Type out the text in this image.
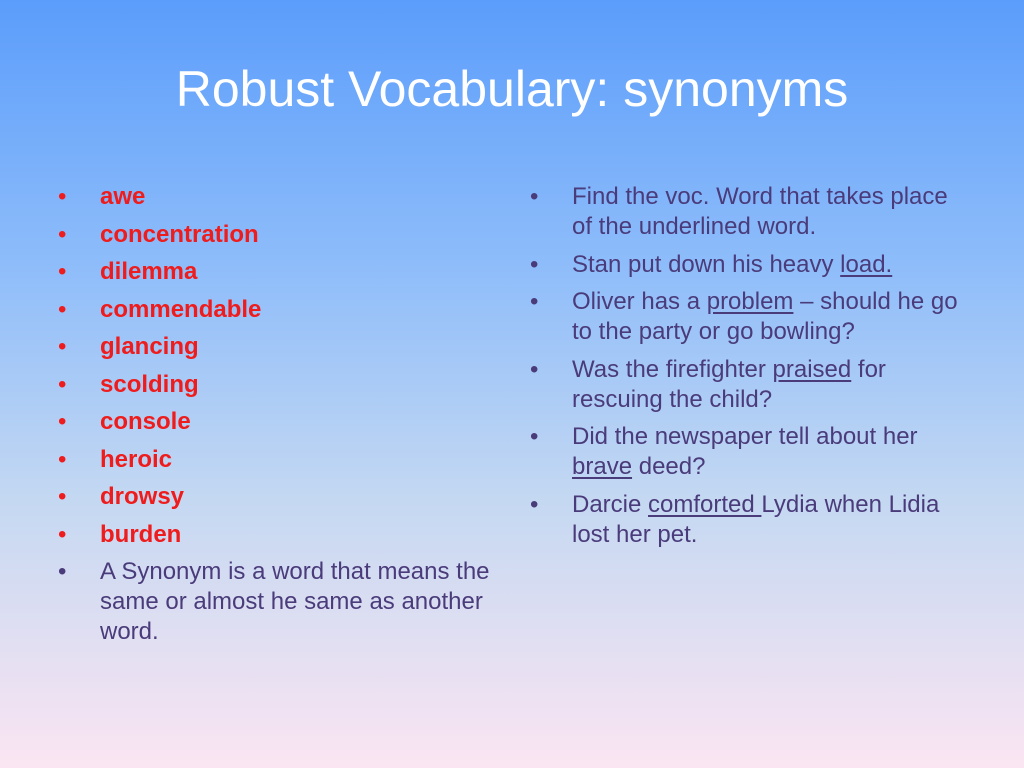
Robust Vocabulary: synonyms
•	awe
•	concentration
•	dilemma
•	commendable
•	glancing
•	scolding
•	console
•	heroic
•	drowsy
•	burden
•	A Synonym is a word that means the same or almost he same as another word.
•	Find the voc. Word that takes place of the underlined word.
•	Stan put down his heavy load.
•	Oliver has a problem – should he go to the party or go bowling?
•	Was the firefighter praised for rescuing the child?
•	Did the newspaper tell about her brave deed?
•	Darcie comforted Lydia when Lidia lost her pet.
